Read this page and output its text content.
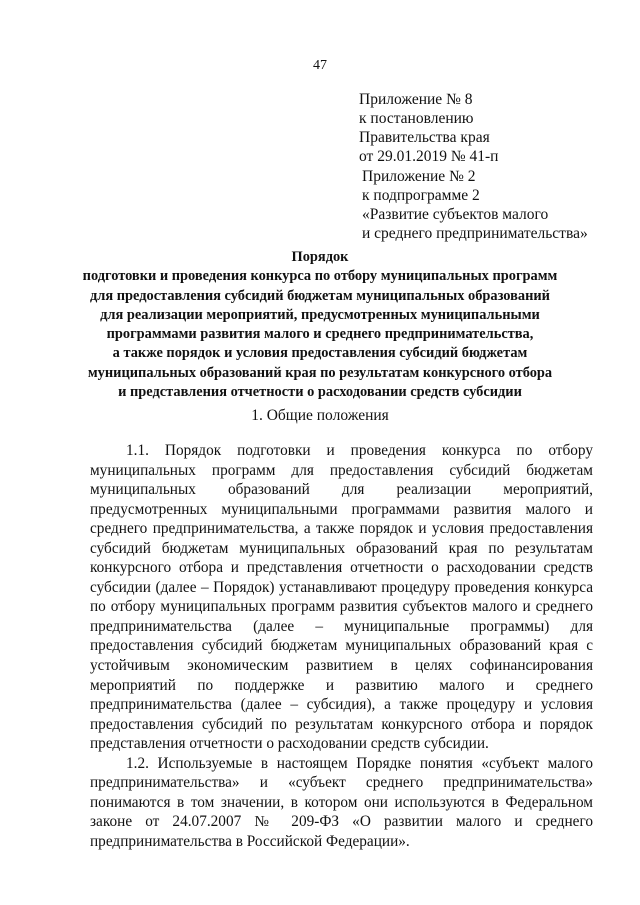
47
Приложение № 8
к постановлению
Правительства края
от 29.01.2019 № 41-п
Приложение № 2
к подпрограмме 2
«Развитие субъектов малого
и среднего предпринимательства»
Порядок
подготовки и проведения конкурса по отбору муниципальных программ
для предоставления субсидий бюджетам муниципальных образований
для реализации мероприятий, предусмотренных муниципальными
программами развития малого и среднего предпринимательства,
а также порядок и условия предоставления субсидий бюджетам
муниципальных образований края по результатам конкурсного отбора
и представления отчетности о расходовании средств субсидии
1. Общие положения
1.1. Порядок подготовки и проведения конкурса по отбору
муниципальных программ для предоставления субсидий бюджетам
муниципальных образований для реализации мероприятий,
предусмотренных муниципальными программами развития малого и
среднего предпринимательства, а также порядок и условия предоставления
субсидий бюджетам муниципальных образований края по результатам
конкурсного отбора и представления отчетности о расходовании средств
субсидии (далее – Порядок) устанавливают процедуру проведения конкурса
по отбору муниципальных программ развития субъектов малого и среднего
предпринимательства (далее – муниципальные программы) для
предоставления субсидий бюджетам муниципальных образований края с
устойчивым экономическим развитием в целях софинансирования
мероприятий по поддержке и развитию малого и среднего
предпринимательства (далее – субсидия), а также процедуру и условия
предоставления субсидий по результатам конкурсного отбора и порядок
представления отчетности о расходовании средств субсидии.
1.2. Используемые в настоящем Порядке понятия «субъект малого
предпринимательства» и «субъект среднего предпринимательства»
понимаются в том значении, в котором они используются в Федеральном
законе от 24.07.2007 № 209-ФЗ «О развитии малого и среднего
предпринимательства в Российской Федерации».
